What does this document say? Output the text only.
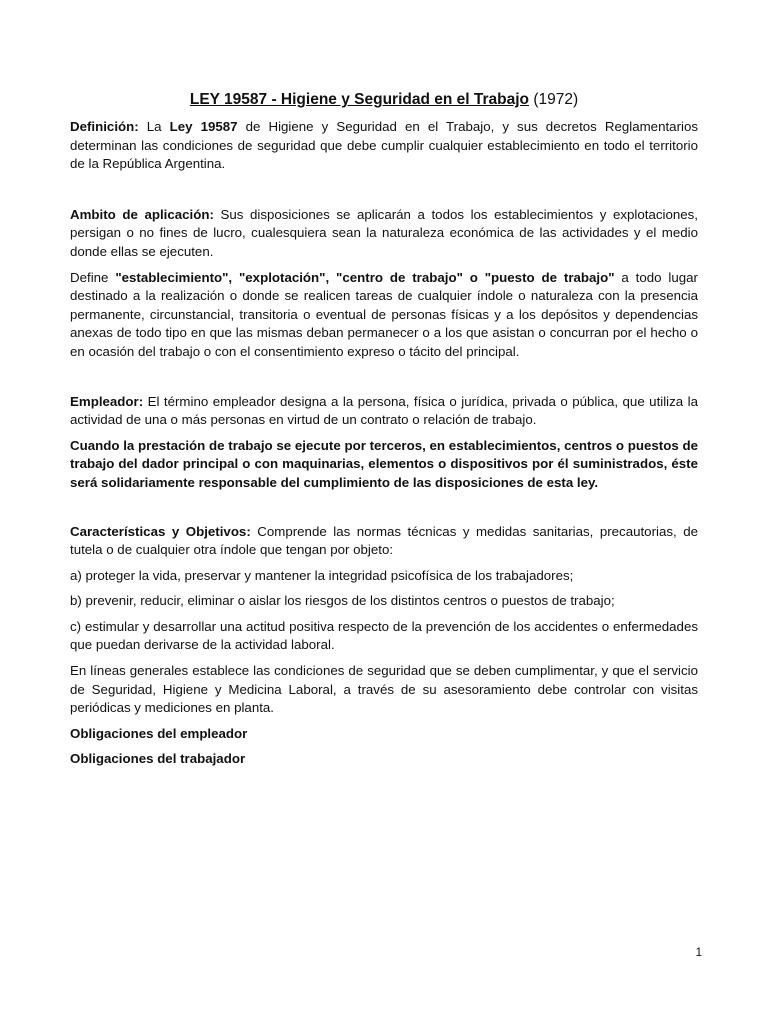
LEY 19587 - Higiene y Seguridad en el Trabajo (1972)

Definición: La Ley 19587 de Higiene y Seguridad en el Trabajo, y sus decretos Reglamentarios determinan las condiciones de seguridad que debe cumplir cualquier establecimiento en todo el territorio de la República Argentina.

Ambito de aplicación: Sus disposiciones se aplicarán a todos los establecimientos y explotaciones, persigan o no fines de lucro, cualesquiera sean la naturaleza económica de las actividades y el medio donde ellas se ejecuten.

Define "establecimiento", "explotación", "centro de trabajo" o "puesto de trabajo" a todo lugar destinado a la realización o donde se realicen tareas de cualquier índole o naturaleza con la presencia permanente, circunstancial, transitoria o eventual de personas físicas y a los depósitos y dependencias anexas de todo tipo en que las mismas deban permanecer o a los que asistan o concurran por el hecho o en ocasión del trabajo o con el consentimiento expreso o tácito del principal.

Empleador: El término empleador designa a la persona, física o jurídica, privada o pública, que utiliza la actividad de una o más personas en virtud de un contrato o relación de trabajo.

Cuando la prestación de trabajo se ejecute por terceros, en establecimientos, centros o puestos de trabajo del dador principal o con maquinarias, elementos o dispositivos por él suministrados, éste será solidariamente responsable del cumplimiento de las disposiciones de esta ley.

Características y Objetivos: Comprende las normas técnicas y medidas sanitarias, precautorias, de tutela o de cualquier otra índole que tengan por objeto:

a) proteger la vida, preservar y mantener la integridad psicofísica de los trabajadores;

b) prevenir, reducir, eliminar o aislar los riesgos de los distintos centros o puestos de trabajo;

c) estimular y desarrollar una actitud positiva respecto de la prevención de los accidentes o enfermedades que puedan derivarse de la actividad laboral.

En líneas generales establece las condiciones de seguridad que se deben cumplimentar, y que el servicio de Seguridad, Higiene y Medicina Laboral, a través de su asesoramiento debe controlar con visitas periódicas y mediciones en planta.

Obligaciones del empleador

Obligaciones del trabajador

1
